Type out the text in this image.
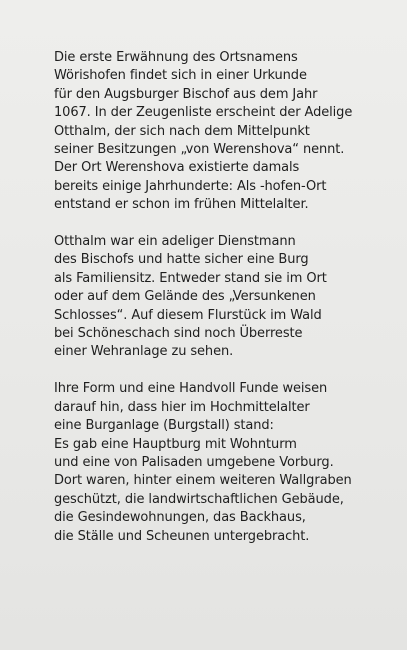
Die erste Erwähnung des Ortsnamens
Wörishofen findet sich in einer Urkunde
für den Augsburger Bischof aus dem Jahr
1067. In der Zeugenliste erscheint der Adelige
Otthalm, der sich nach dem Mittelpunkt
seiner Besitzungen „von Werenshova“ nennt.
Der Ort Werenshova existierte damals
bereits einige Jahrhunderte: Als -hofen-Ort
entstand er schon im frühen Mittelalter.

Otthalm war ein adeliger Dienstmann
des Bischofs und hatte sicher eine Burg
als Familiensitz. Entweder stand sie im Ort
oder auf dem Gelände des „Versunkenen
Schlosses“. Auf diesem Flurstück im Wald
bei Schöneschach sind noch Überreste
einer Wehranlage zu sehen.

Ihre Form und eine Handvoll Funde weisen
darauf hin, dass hier im Hochmittelalter
eine Burganlage (Burgstall) stand:
Es gab eine Hauptburg mit Wohnturm
und eine von Palisaden umgebene Vorburg.
Dort waren, hinter einem weiteren Wallgraben
geschützt, die landwirtschaftlichen Gebäude,
die Gesindewohnungen, das Backhaus,
die Ställe und Scheunen untergebracht.
